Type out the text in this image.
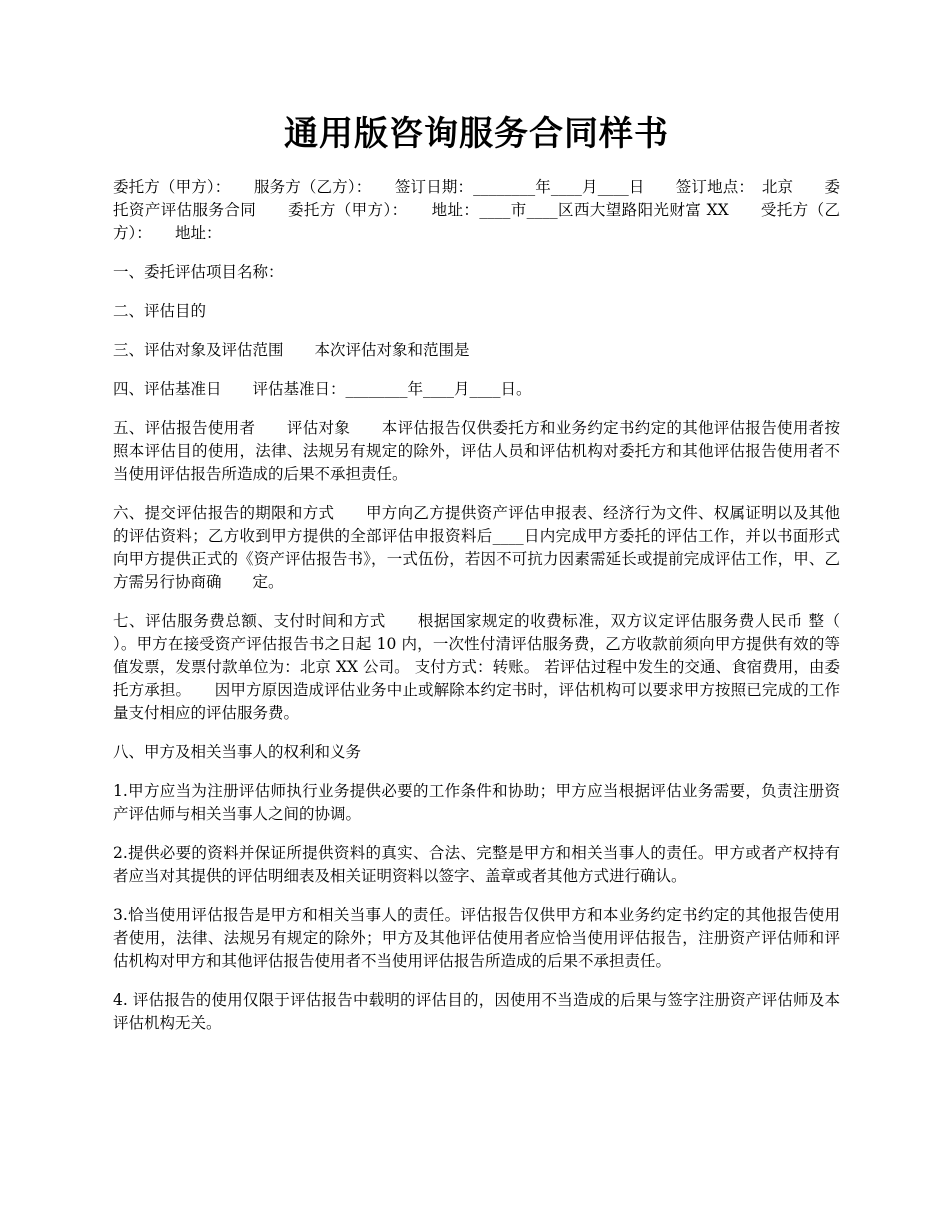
通用版咨询服务合同样书

委托方（甲方）：　　服务方（乙方）：　　签订日期：________年____月____日　　签订地点：　北京　　委托资产评估服务合同　　委托方（甲方）：　　地址：____市____区西大望路阳光财富 XX　　受托方（乙方）：　　地址：

一、委托评估项目名称：

二、评估目的

三、评估对象及评估范围　　本次评估对象和范围是

四、评估基准日　　评估基准日：________年____月____日。

五、评估报告使用者　　评估对象　　本评估报告仅供委托方和业务约定书约定的其他评估报告使用者按照本评估目的使用，法律、法规另有规定的除外，评估人员和评估机构对委托方和其他评估报告使用者不当使用评估报告所造成的后果不承担责任。

六、提交评估报告的期限和方式　　甲方向乙方提供资产评估申报表、经济行为文件、权属证明以及其他的评估资料；乙方收到甲方提供的全部评估申报资料后____日内完成甲方委托的评估工作，并以书面形式向甲方提供正式的《资产评估报告书》，一式伍份，若因不可抗力因素需延长或提前完成评估工作，甲、乙方需另行协商确　　定。

七、评估服务费总额、支付时间和方式　　根据国家规定的收费标准，双方议定评估服务费人民币 整（ ）。甲方在接受资产评估报告书之日起 10 内，一次性付清评估服务费，乙方收款前须向甲方提供有效的等值发票，发票付款单位为：北京 XX 公司。 支付方式：转账。 若评估过程中发生的交通、食宿费用，由委托方承担。　　因甲方原因造成评估业务中止或解除本约定书时，评估机构可以要求甲方按照已完成的工作量支付相应的评估服务费。

八、甲方及相关当事人的权利和义务

1.甲方应当为注册评估师执行业务提供必要的工作条件和协助；甲方应当根据评估业务需要，负责注册资产评估师与相关当事人之间的协调。

2.提供必要的资料并保证所提供资料的真实、合法、完整是甲方和相关当事人的责任。甲方或者产权持有者应当对其提供的评估明细表及相关证明资料以签字、盖章或者其他方式进行确认。

3.恰当使用评估报告是甲方和相关当事人的责任。评估报告仅供甲方和本业务约定书约定的其他报告使用者使用，法律、法规另有规定的除外；甲方及其他评估使用者应恰当使用评估报告，注册资产评估师和评估机构对甲方和其他评估报告使用者不当使用评估报告所造成的后果不承担责任。

4. 评估报告的使用仅限于评估报告中载明的评估目的，因使用不当造成的后果与签字注册资产评估师及本评估机构无关。
